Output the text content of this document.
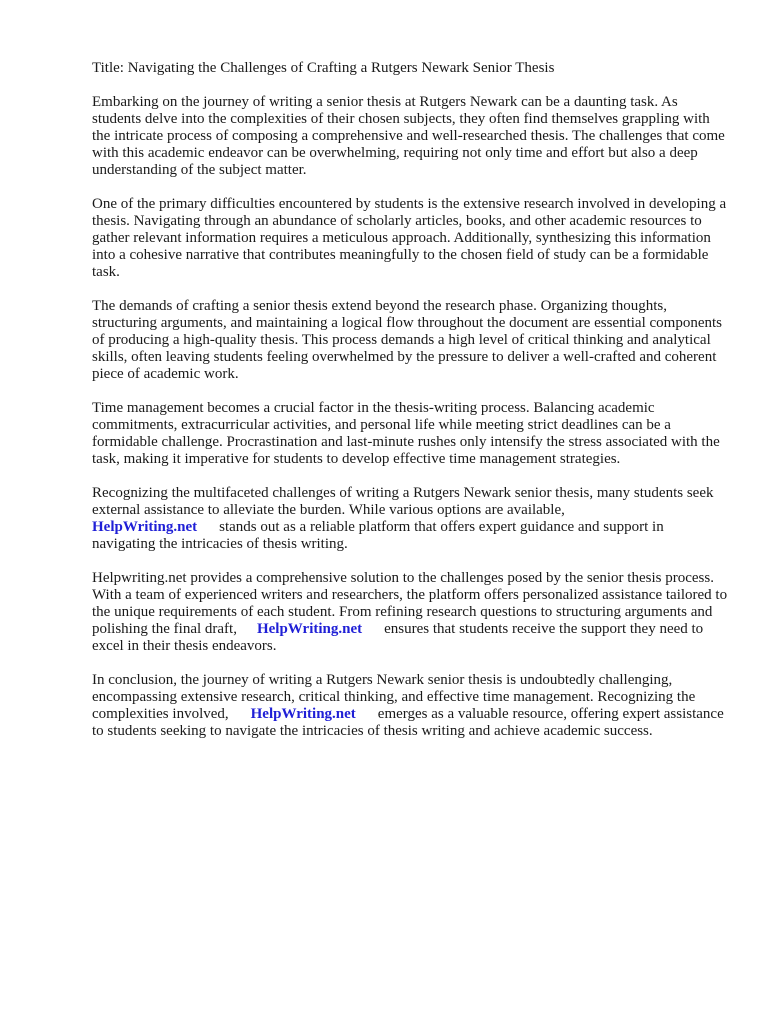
Title: Navigating the Challenges of Crafting a Rutgers Newark Senior Thesis

Embarking on the journey of writing a senior thesis at Rutgers Newark can be a daunting task. As students delve into the complexities of their chosen subjects, they often find themselves grappling with the intricate process of composing a comprehensive and well-researched thesis. The challenges that come with this academic endeavor can be overwhelming, requiring not only time and effort but also a deep understanding of the subject matter.

One of the primary difficulties encountered by students is the extensive research involved in developing a thesis. Navigating through an abundance of scholarly articles, books, and other academic resources to gather relevant information requires a meticulous approach. Additionally, synthesizing this information into a cohesive narrative that contributes meaningfully to the chosen field of study can be a formidable task.

The demands of crafting a senior thesis extend beyond the research phase. Organizing thoughts, structuring arguments, and maintaining a logical flow throughout the document are essential components of producing a high-quality thesis. This process demands a high level of critical thinking and analytical skills, often leaving students feeling overwhelmed by the pressure to deliver a well-crafted and coherent piece of academic work.

Time management becomes a crucial factor in the thesis-writing process. Balancing academic commitments, extracurricular activities, and personal life while meeting strict deadlines can be a formidable challenge. Procrastination and last-minute rushes only intensify the stress associated with the task, making it imperative for students to develop effective time management strategies.

Recognizing the multifaceted challenges of writing a Rutgers Newark senior thesis, many students seek external assistance to alleviate the burden. While various options are available,
HelpWriting.net stands out as a reliable platform that offers expert guidance and support in navigating the intricacies of thesis writing.

Helpwriting.net provides a comprehensive solution to the challenges posed by the senior thesis process. With a team of experienced writers and researchers, the platform offers personalized assistance tailored to the unique requirements of each student. From refining research questions to structuring arguments and polishing the final draft, HelpWriting.net ensures that students receive the support they need to excel in their thesis endeavors.

In conclusion, the journey of writing a Rutgers Newark senior thesis is undoubtedly challenging, encompassing extensive research, critical thinking, and effective time management. Recognizing the complexities involved, HelpWriting.net emerges as a valuable resource, offering expert assistance to students seeking to navigate the intricacies of thesis writing and achieve academic success.
